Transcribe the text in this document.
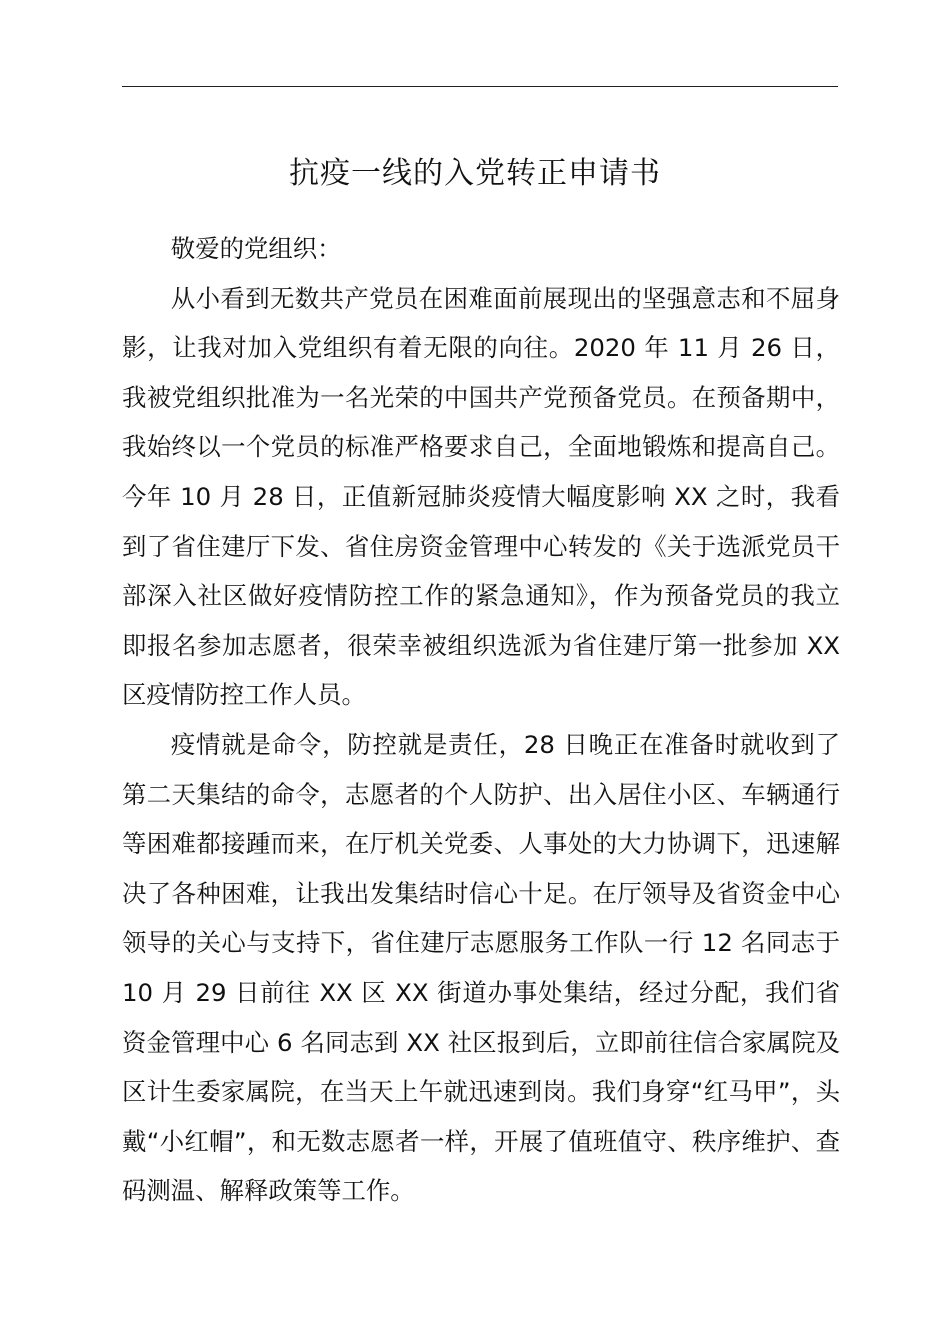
抗疫一线的入党转正申请书

敬爱的党组织：

从小看到无数共产党员在困难面前展现出的坚强意志和不屈身影，让我对加入党组织有着无限的向往。2020 年 11 月 26 日，我被党组织批准为一名光荣的中国共产党预备党员。在预备期中，我始终以一个党员的标准严格要求自己，全面地锻炼和提高自己。今年 10 月 28 日，正值新冠肺炎疫情大幅度影响 XX 之时，我看到了省住建厅下发、省住房资金管理中心转发的《关于选派党员干部深入社区做好疫情防控工作的紧急通知》，作为预备党员的我立即报名参加志愿者，很荣幸被组织选派为省住建厅第一批参加 XX 区疫情防控工作人员。

疫情就是命令，防控就是责任，28 日晚正在准备时就收到了第二天集结的命令，志愿者的个人防护、出入居住小区、车辆通行等困难都接踵而来，在厅机关党委、人事处的大力协调下，迅速解决了各种困难，让我出发集结时信心十足。在厅领导及省资金中心领导的关心与支持下，省住建厅志愿服务工作队一行 12 名同志于 10 月 29 日前往 XX 区 XX 街道办事处集结，经过分配，我们省资金管理中心 6 名同志到 XX 社区报到后，立即前往信合家属院及区计生委家属院，在当天上午就迅速到岗。我们身穿“红马甲”，头戴“小红帽”，和无数志愿者一样，开展了值班值守、秩序维护、查码测温、解释政策等工作。
